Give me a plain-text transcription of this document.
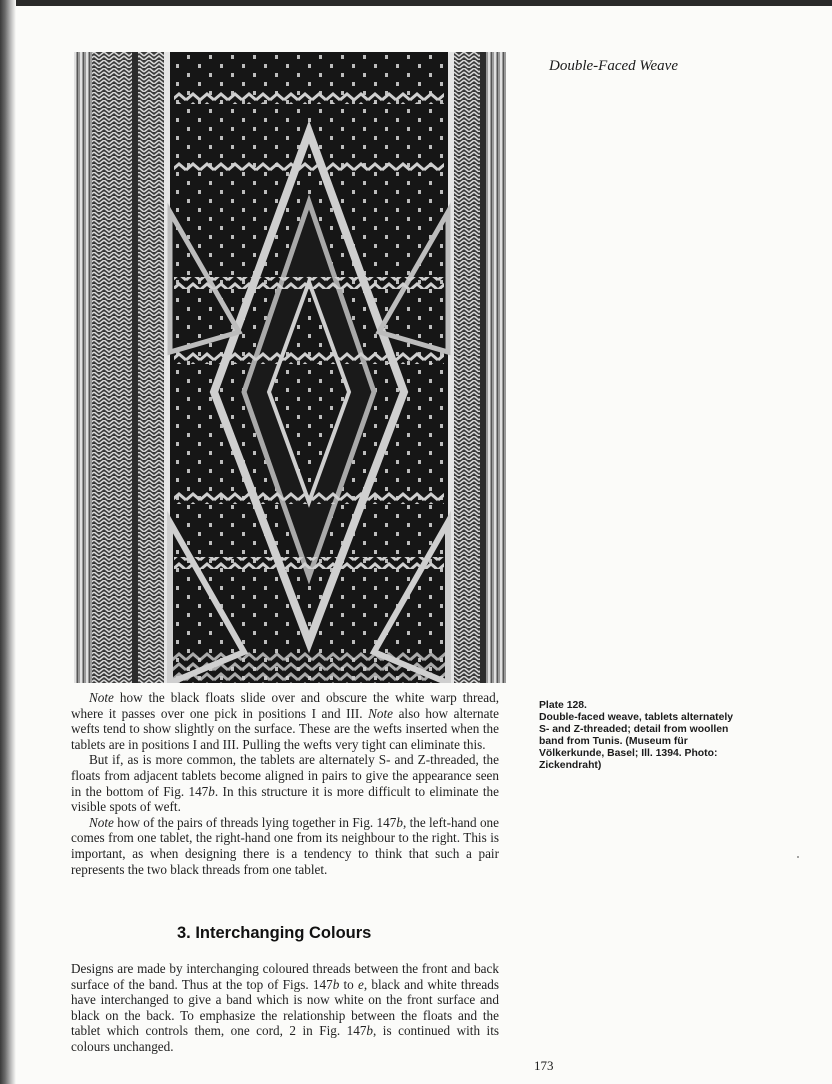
Double-Faced Weave
Plate 128.
Double-faced weave, tablets alternately
S- and Z-threaded; detail from woollen
band from Tunis. (Museum für
Völkerkunde, Basel; Ill. 1394. Photo:
Zickendraht)

Note how the black floats slide over and obscure the white warp thread, where it passes over one pick in positions I and III. Note also how alternate wefts tend to show slightly on the surface. These are the wefts inserted when the tablets are in positions I and III. Pulling the wefts very tight can eliminate this.

But if, as is more common, the tablets are alternately S- and Z-threaded, the floats from adjacent tablets become aligned in pairs to give the appearance seen in the bottom of Fig. 147b. In this structure it is more difficult to eliminate the visible spots of weft.

Note how of the pairs of threads lying together in Fig. 147b, the left-hand one comes from one tablet, the right-hand one from its neighbour to the right. This is important, as when designing there is a tendency to think that such a pair represents the two black threads from one tablet.

3. Interchanging Colours

Designs are made by interchanging coloured threads between the front and back surface of the band. Thus at the top of Figs. 147b to e, black and white threads have interchanged to give a band which is now white on the front surface and black on the back. To emphasize the relationship between the floats and the tablet which controls them, one cord, 2 in Fig. 147b, is continued with its colours unchanged.

173
